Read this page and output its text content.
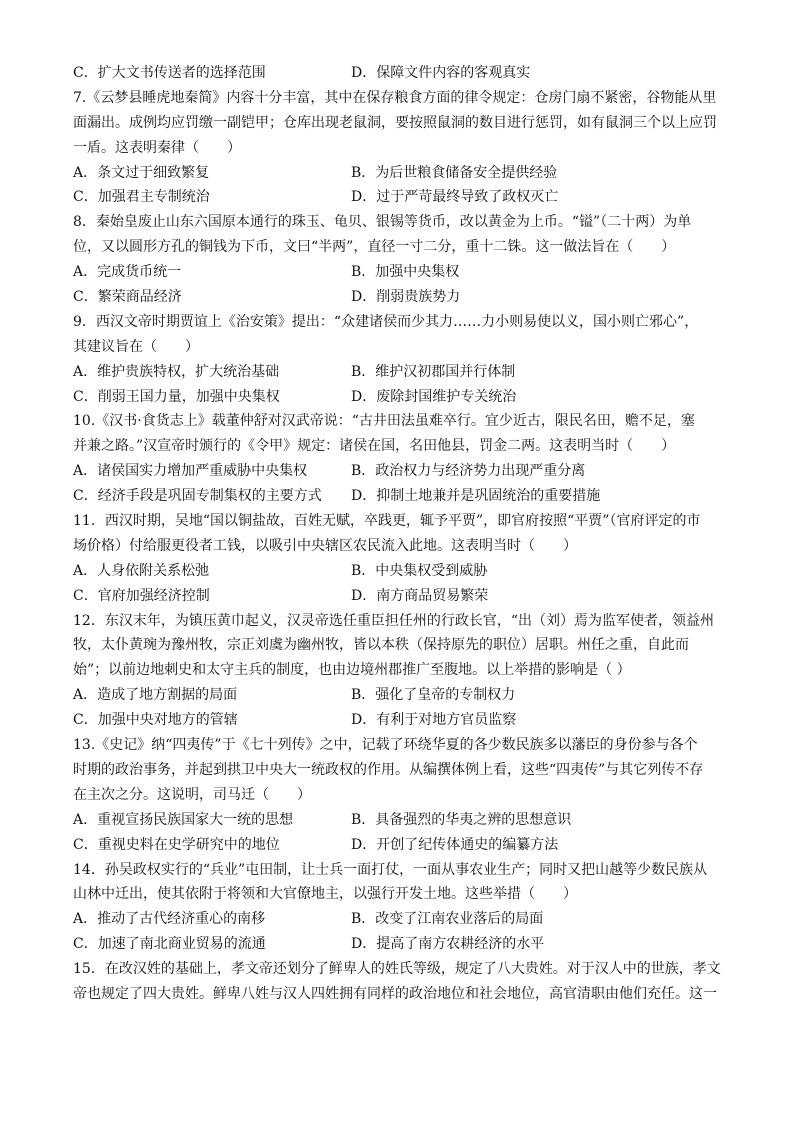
C．扩大文书传送者的选择范围	D．保障文件内容的客观真实
7.《云梦县睡虎地秦简》内容十分丰富，其中在保存粮食方面的律令规定：仓房门扇不紧密，谷物能从里
面漏出。成例均应罚缴一副铠甲；仓库出现老鼠洞，要按照鼠洞的数目进行惩罚，如有鼠洞三个以上应罚
一盾。这表明秦律（　　）
A．条文过于细致繁复	B．为后世粮食储备安全提供经验
C．加强君主专制统治	D．过于严苛最终导致了政权灭亡
8．秦始皇废止山东六国原本通行的珠玉、龟贝、银锡等货币，改以黄金为上币。“镒”（二十两）为单
位，又以圆形方孔的铜钱为下币，文曰“半两”，直径一寸二分，重十二铢。这一做法旨在（　　）
A．完成货币统一	B．加强中央集权
C．繁荣商品经济	D．削弱贵族势力
9．西汉文帝时期贾谊上《治安策》提出：“众建诸侯而少其力……力小则易使以义，国小则亡邪心”，
其建议旨在（　　）
A．维护贵族特权，扩大统治基础	B．维护汉初郡国并行体制
C．削弱王国力量，加强中央集权	D．废除封国维护专关统治
10.《汉书·食货志上》载董仲舒对汉武帝说：“古井田法虽难卒行。宜少近古，限民名田，赡不足，塞
并兼之路。”汉宣帝时颁行的《令甲》规定：诸侯在国，名田他县，罚金二两。这表明当时（　　）
A．诸侯国实力增加严重威胁中央集权	B．政治权力与经济势力出现严重分离
C．经济手段是巩固专制集权的主要方式	D．抑制土地兼并是巩固统治的重要措施
11．西汉时期，吴地“国以铜盐故，百姓无赋，卒践更，辄予平贾”，即官府按照“平贾”（官府评定的市
场价格）付给服更役者工钱，以吸引中央辖区农民流入此地。这表明当时（　　）
A．人身依附关系松弛	B．中央集权受到威胁
C．官府加强经济控制	D．南方商品贸易繁荣
12．东汉末年，为镇压黄巾起义，汉灵帝选任重臣担任州的行政长官，“出（刘）焉为监军使者，领益州
牧，太仆黄琬为豫州牧，宗正刘虞为幽州牧，皆以本秩（保持原先的职位）居职。州任之重，自此而
始”；以前边地刺史和太守主兵的制度，也由边境州郡推广至腹地。以上举措的影响是（ ）
A．造成了地方割据的局面	B．强化了皇帝的专制权力
C．加强中央对地方的管辖	D．有利于对地方官员监察
13.《史记》纳“四夷传”于《七十列传》之中，记载了环绕华夏的各少数民族多以藩臣的身份参与各个
时期的政治事务，并起到拱卫中央大一统政权的作用。从编撰体例上看，这些“四夷传”与其它列传不存
在主次之分。这说明，司马迁（　　）
A．重视宣扬民族国家大一统的思想	B．具备强烈的华夷之辨的思想意识
C．重视史料在史学研究中的地位	D．开创了纪传体通史的编纂方法
14．孙吴政权实行的“兵业”屯田制，让士兵一面打仗，一面从事农业生产；同时又把山越等少数民族从
山林中迁出，使其依附于将领和大官僚地主，以强行开发土地。这些举措（　　）
A．推动了古代经济重心的南移	B．改变了江南农业落后的局面
C．加速了南北商业贸易的流通	D．提高了南方农耕经济的水平
15．在改汉姓的基础上，孝文帝还划分了鲜卑人的姓氏等级，规定了八大贵姓。对于汉人中的世族，孝文
帝也规定了四大贵姓。鲜卑八姓与汉人四姓拥有同样的政治地位和社会地位，高官清职由他们充任。这一
